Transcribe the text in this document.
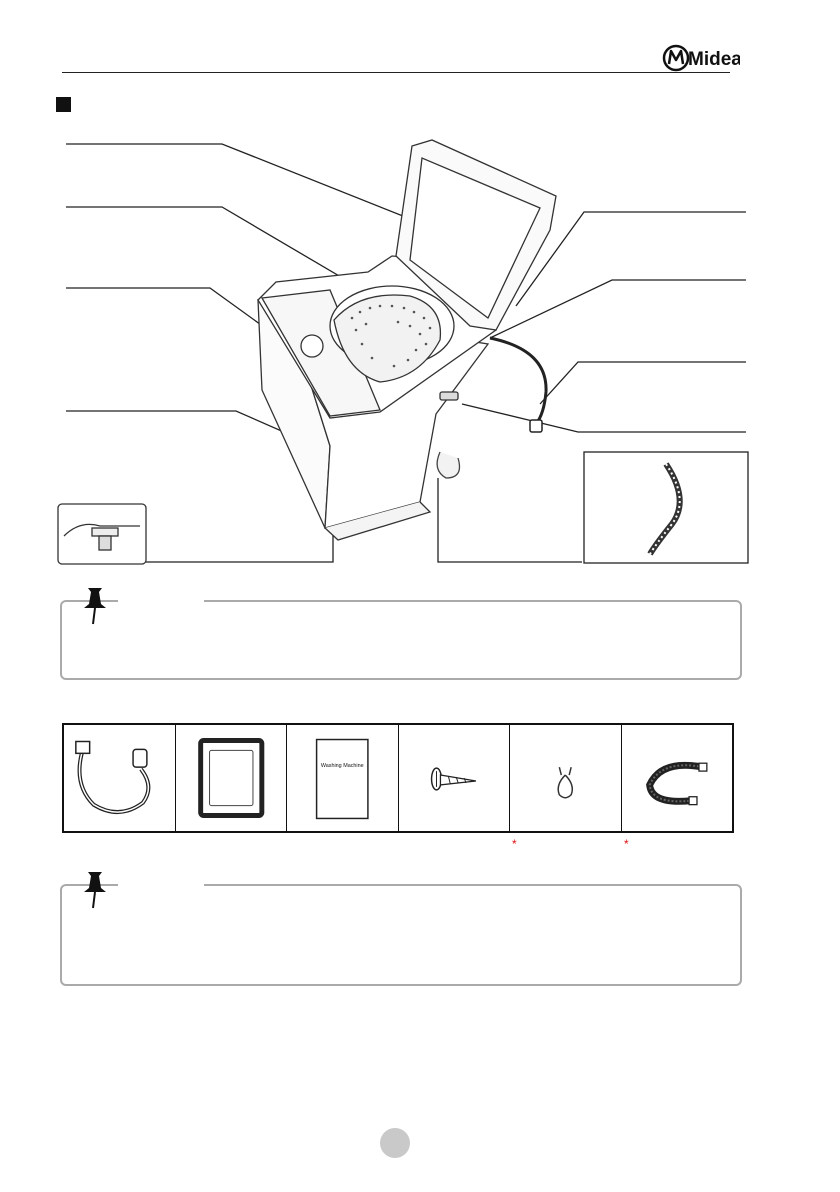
Midea
Washing Machine
*	*
